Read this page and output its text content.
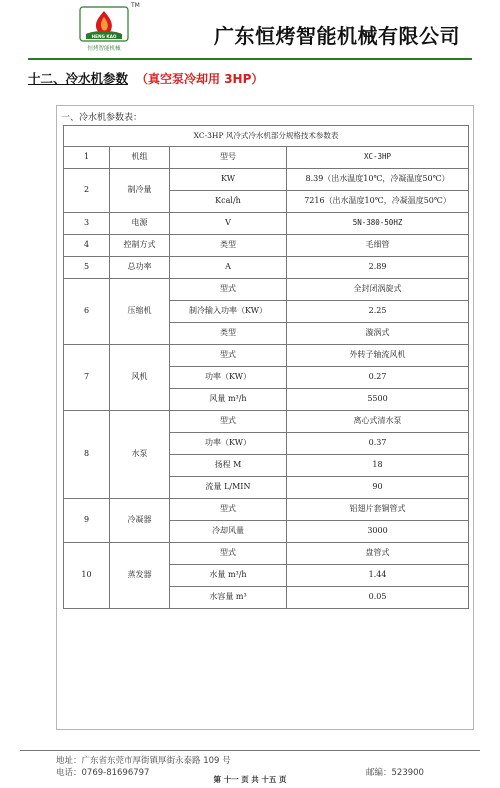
HENG KAO
恒烤智能机械
TM
广东恒烤智能机械有限公司
十二、冷水机参数 （真空泵冷却用 3HP）
一、冷水机参数表：
XC-3HP 风冷式冷水机部分规格技术参数表			
1	机组	型号	XC-3HP
2	制冷量	KW	8.39（出水温度10℃，冷凝温度50℃）
		Kcal/h	7216（出水温度10℃，冷凝温度50℃）
3	电源	V	5N-380-50HZ
4	控制方式	类型	毛细管
5	总功率	A	2.89
6	压缩机	型式	全封闭涡旋式
		制冷输入功率（KW）	2.25
		类型	漩涡式
7	风机	型式	外转子轴流风机
		功率（KW）	0.27
		风量 m³/h	5500
8	水泵	型式	离心式清水泵
		功率（KW）	0.37
		扬程 M	18
		流量 L/MIN	90
9	冷凝器	型式	铝翅片套铜管式
		冷却风量	3000
10	蒸发器	型式	盘管式
		水量 m³/h	1.44
		水容量 m³	0.05
地址：广东省东莞市厚街镇厚街永泰路 109 号
电话：0769-81696797	邮编：523900
第 十一 页 共 十五 页
